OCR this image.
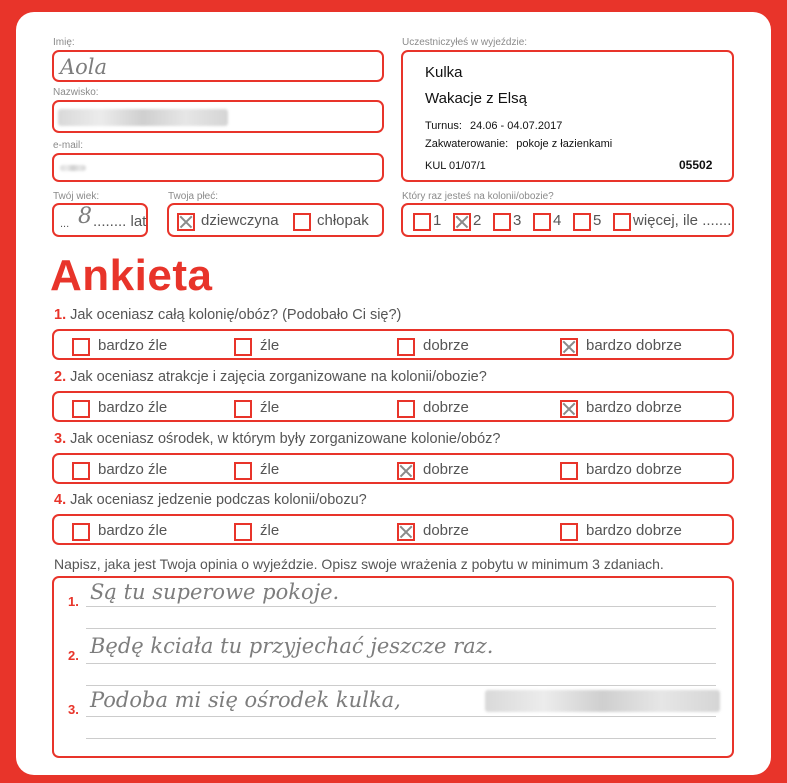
Imię:
Aola
Nazwisko:
e-mail:
Twój wiek:
... 8 ........ lat
Twoja płeć:
dziewczyna	chłopak
Uczestniczyłeś w wyjeździe:
Kulka
Wakacje z Elsą
Turnus: 24.06 - 04.07.2017
Zakwaterowanie: pokoje z łazienkami
KUL 01/07/1	05502
Który raz jesteś na kolonii/obozie?
1 2 3 4 5 więcej, ile .......
Ankieta
1. Jak oceniasz całą kolonię/obóz? (Podobało Ci się?)
bardzo źle	źle	dobrze	bardzo dobrze
2. Jak oceniasz atrakcje i zajęcia zorganizowane na kolonii/obozie?
bardzo źle	źle	dobrze	bardzo dobrze
3. Jak oceniasz ośrodek, w którym były zorganizowane kolonie/obóz?
bardzo źle	źle	dobrze	bardzo dobrze
4. Jak oceniasz jedzenie podczas kolonii/obozu?
bardzo źle	źle	dobrze	bardzo dobrze
Napisz, jaka jest Twoja opinia o wyjeździe. Opisz swoje wrażenia z pobytu w minimum 3 zdaniach.
1. Są tu superowe pokoje.
2. Będę kciała tu przyjechać jeszcze raz.
3. Podoba mi się ośrodek kulka,
